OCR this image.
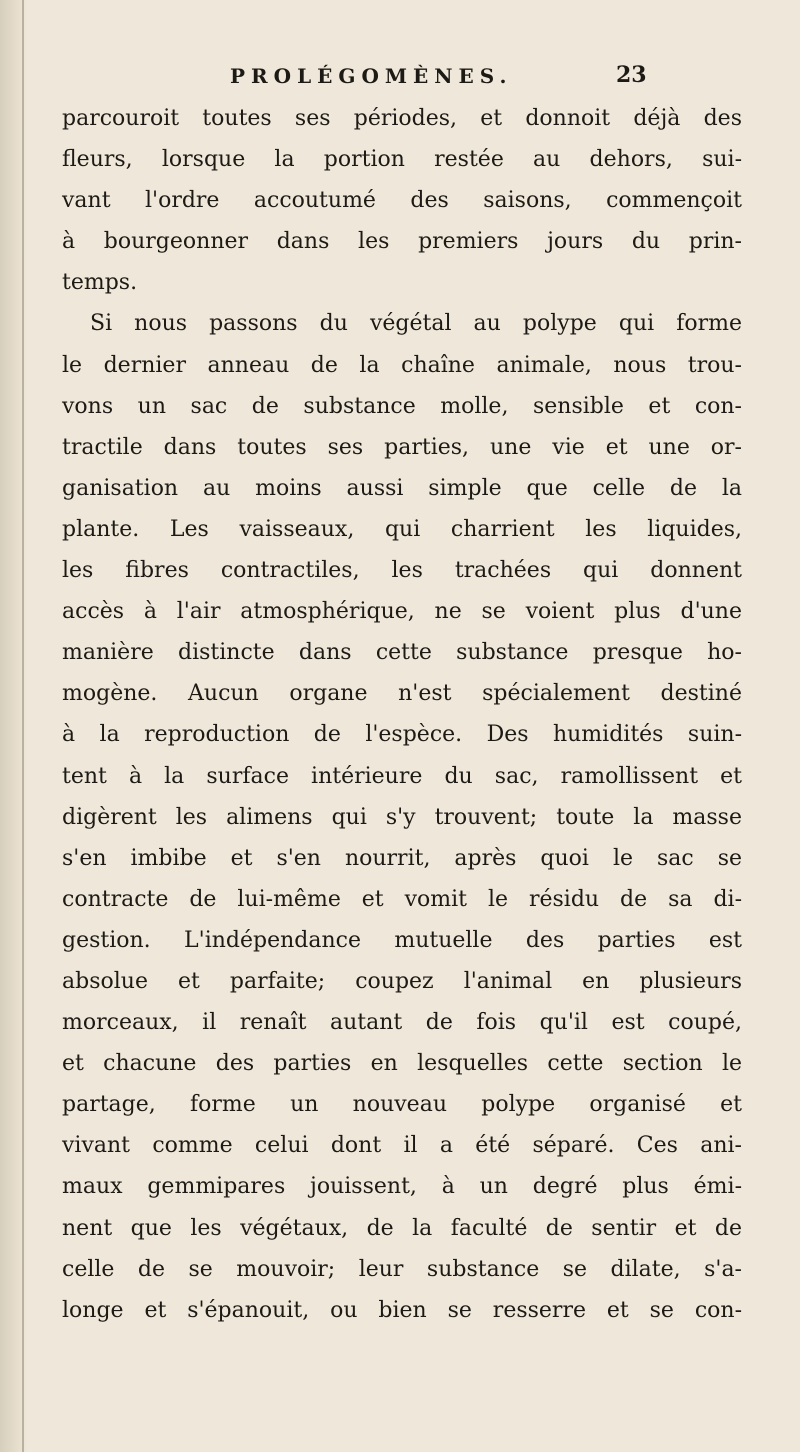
PROLÉGOMÈNES.	23
parcouroit toutes ses périodes, et donnoit déjà des
fleurs, lorsque la portion restée au dehors, sui-
vant l'ordre accoutumé des saisons, commençoit
à bourgeonner dans les premiers jours du prin-
temps.
Si nous passons du végétal au polype qui forme
le dernier anneau de la chaîne animale, nous trou-
vons un sac de substance molle, sensible et con-
tractile dans toutes ses parties, une vie et une or-
ganisation au moins aussi simple que celle de la
plante. Les vaisseaux, qui charrient les liquides,
les fibres contractiles, les trachées qui donnent
accès à l'air atmosphérique, ne se voient plus d'une
manière distincte dans cette substance presque ho-
mogène. Aucun organe n'est spécialement destiné
à la reproduction de l'espèce. Des humidités suin-
tent à la surface intérieure du sac, ramollissent et
digèrent les alimens qui s'y trouvent; toute la masse
s'en imbibe et s'en nourrit, après quoi le sac se
contracte de lui-même et vomit le résidu de sa di-
gestion. L'indépendance mutuelle des parties est
absolue et parfaite; coupez l'animal en plusieurs
morceaux, il renaît autant de fois qu'il est coupé,
et chacune des parties en lesquelles cette section le
partage, forme un nouveau polype organisé et
vivant comme celui dont il a été séparé. Ces ani-
maux gemmipares jouissent, à un degré plus émi-
nent que les végétaux, de la faculté de sentir et de
celle de se mouvoir; leur substance se dilate, s'a-
longe et s'épanouit, ou bien se resserre et se con-
